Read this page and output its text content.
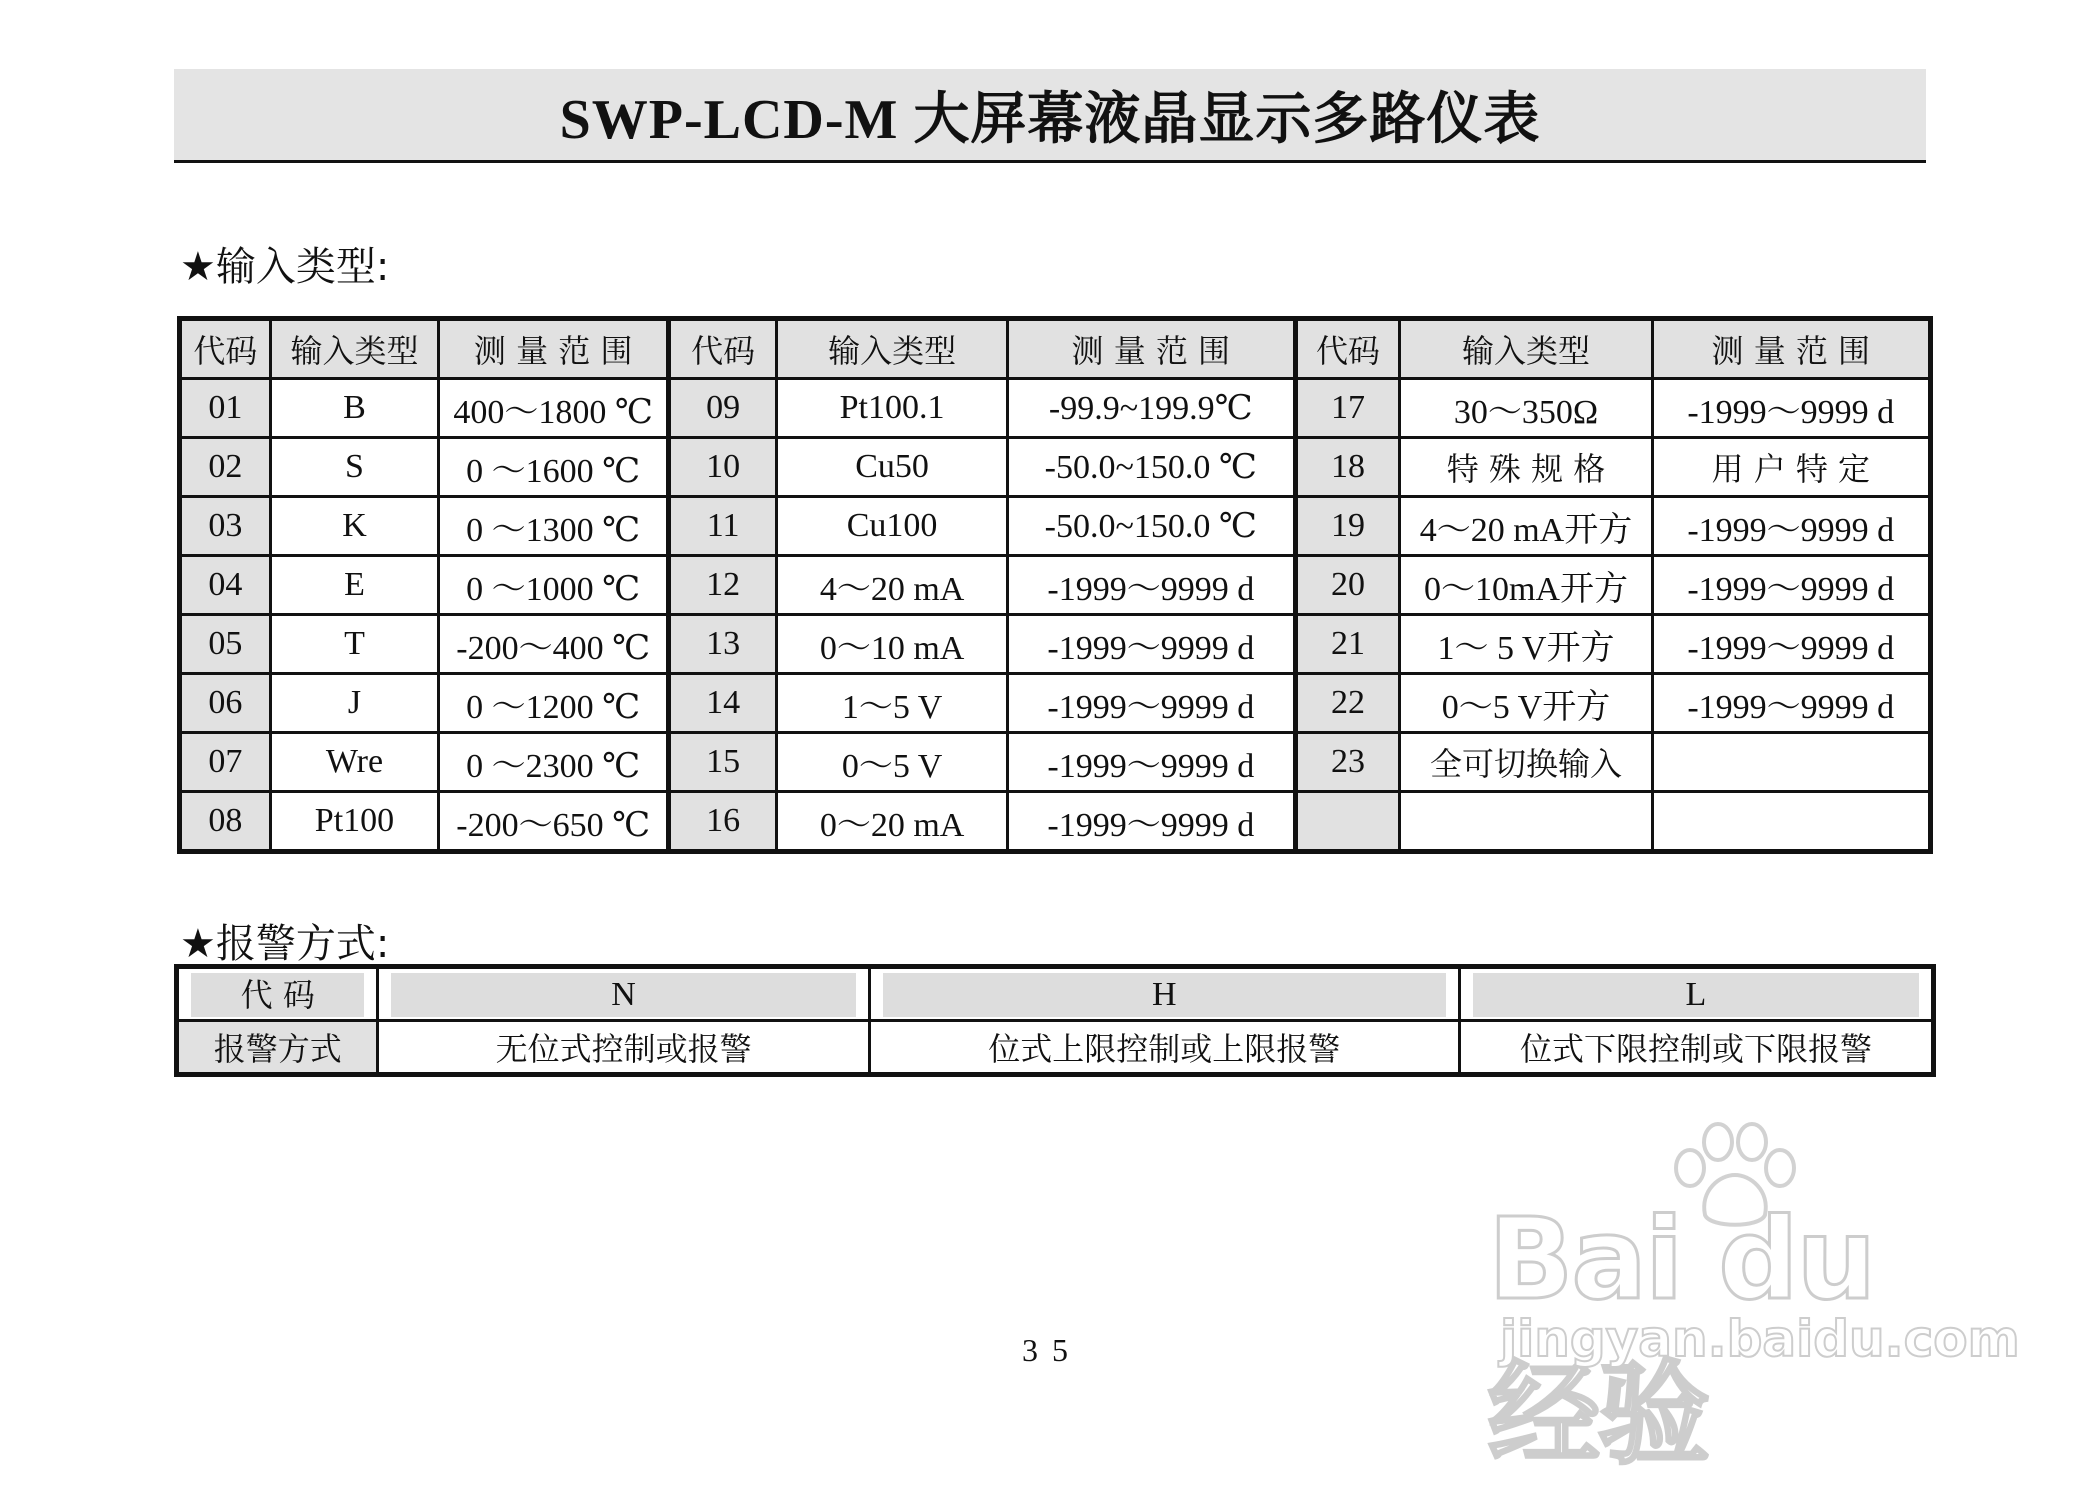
SWP-LCD-M 大屏幕液晶显示多路仪表
★输入类型:
代码	输入类型	测 量 范 围	代码	输入类型	测 量 范 围	代码	输入类型	测 量 范 围
01	B	400～1800 ℃	09	Pt100.1	-99.9~199.9℃	17	30～350Ω	-1999～9999 d
02	S	0 ～1600 ℃	10	Cu50	-50.0~150.0 ℃	18	特 殊 规 格	用 户 特 定
03	K	0 ～1300 ℃	11	Cu100	-50.0~150.0 ℃	19	4～20 mA开方	-1999～9999 d
04	E	0 ～1000 ℃	12	4～20 mA	-1999～9999 d	20	0～10mA开方	-1999～9999 d
05	T	-200～400 ℃	13	0～10 mA	-1999～9999 d	21	1～ 5 V开方	-1999～9999 d
06	J	0 ～1200 ℃	14	1～5 V	-1999～9999 d	22	0～5 V开方	-1999～9999 d
07	Wre	0 ～2300 ℃	15	0～5 V	-1999～9999 d	23	全可切换输入	
08	Pt100	-200～650 ℃	16	0～20 mA	-1999～9999 d			
★报警方式:
代 码	N	H	L

报警方式	无位式控制或报警	位式上限控制或上限报警	位式下限控制或下限报警
Bai du 经验
jingyan.baidu.com
35
